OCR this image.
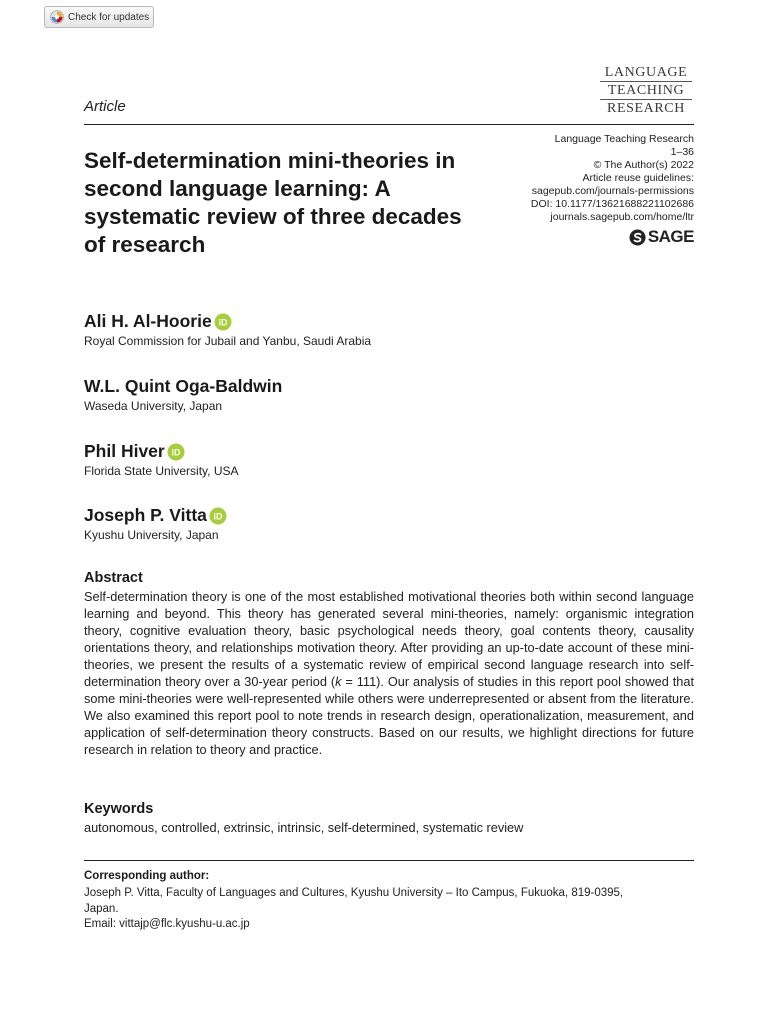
Check for updates
LANGUAGE
TEACHING
RESEARCH
Article
Self-determination mini-theories in second language learning: A systematic review of three decades of research
Language Teaching Research
1–36
© The Author(s) 2022
Article reuse guidelines:
sagepub.com/journals-permissions
DOI: 10.1177/13621688221102686
journals.sagepub.com/home/ltr
SAGE
Ali H. Al-Hoorie iD
Royal Commission for Jubail and Yanbu, Saudi Arabia
W.L. Quint Oga-Baldwin
Waseda University, Japan
Phil Hiver iD
Florida State University, USA
Joseph P. Vitta iD
Kyushu University, Japan
Abstract

Self-determination theory is one of the most established motivational theories both within second language learning and beyond. This theory has generated several mini-theories, namely: organismic integration theory, cognitive evaluation theory, basic psychological needs theory, goal contents theory, causality orientations theory, and relationships motivation theory. After providing an up-to-date account of these mini-theories, we present the results of a systematic review of empirical second language research into self-determination theory over a 30-year period (k = 111). Our analysis of studies in this report pool showed that some mini-theories were well-represented while others were underrepresented or absent from the literature. We also examined this report pool to note trends in research design, operationalization, measurement, and application of self-determination theory constructs. Based on our results, we highlight directions for future research in relation to theory and practice.

Keywords
autonomous, controlled, extrinsic, intrinsic, self-determined, systematic review
Corresponding author:
Joseph P. Vitta, Faculty of Languages and Cultures, Kyushu University – Ito Campus, Fukuoka, 819-0395,
Japan.
Email: vittajp@flc.kyushu-u.ac.jp
